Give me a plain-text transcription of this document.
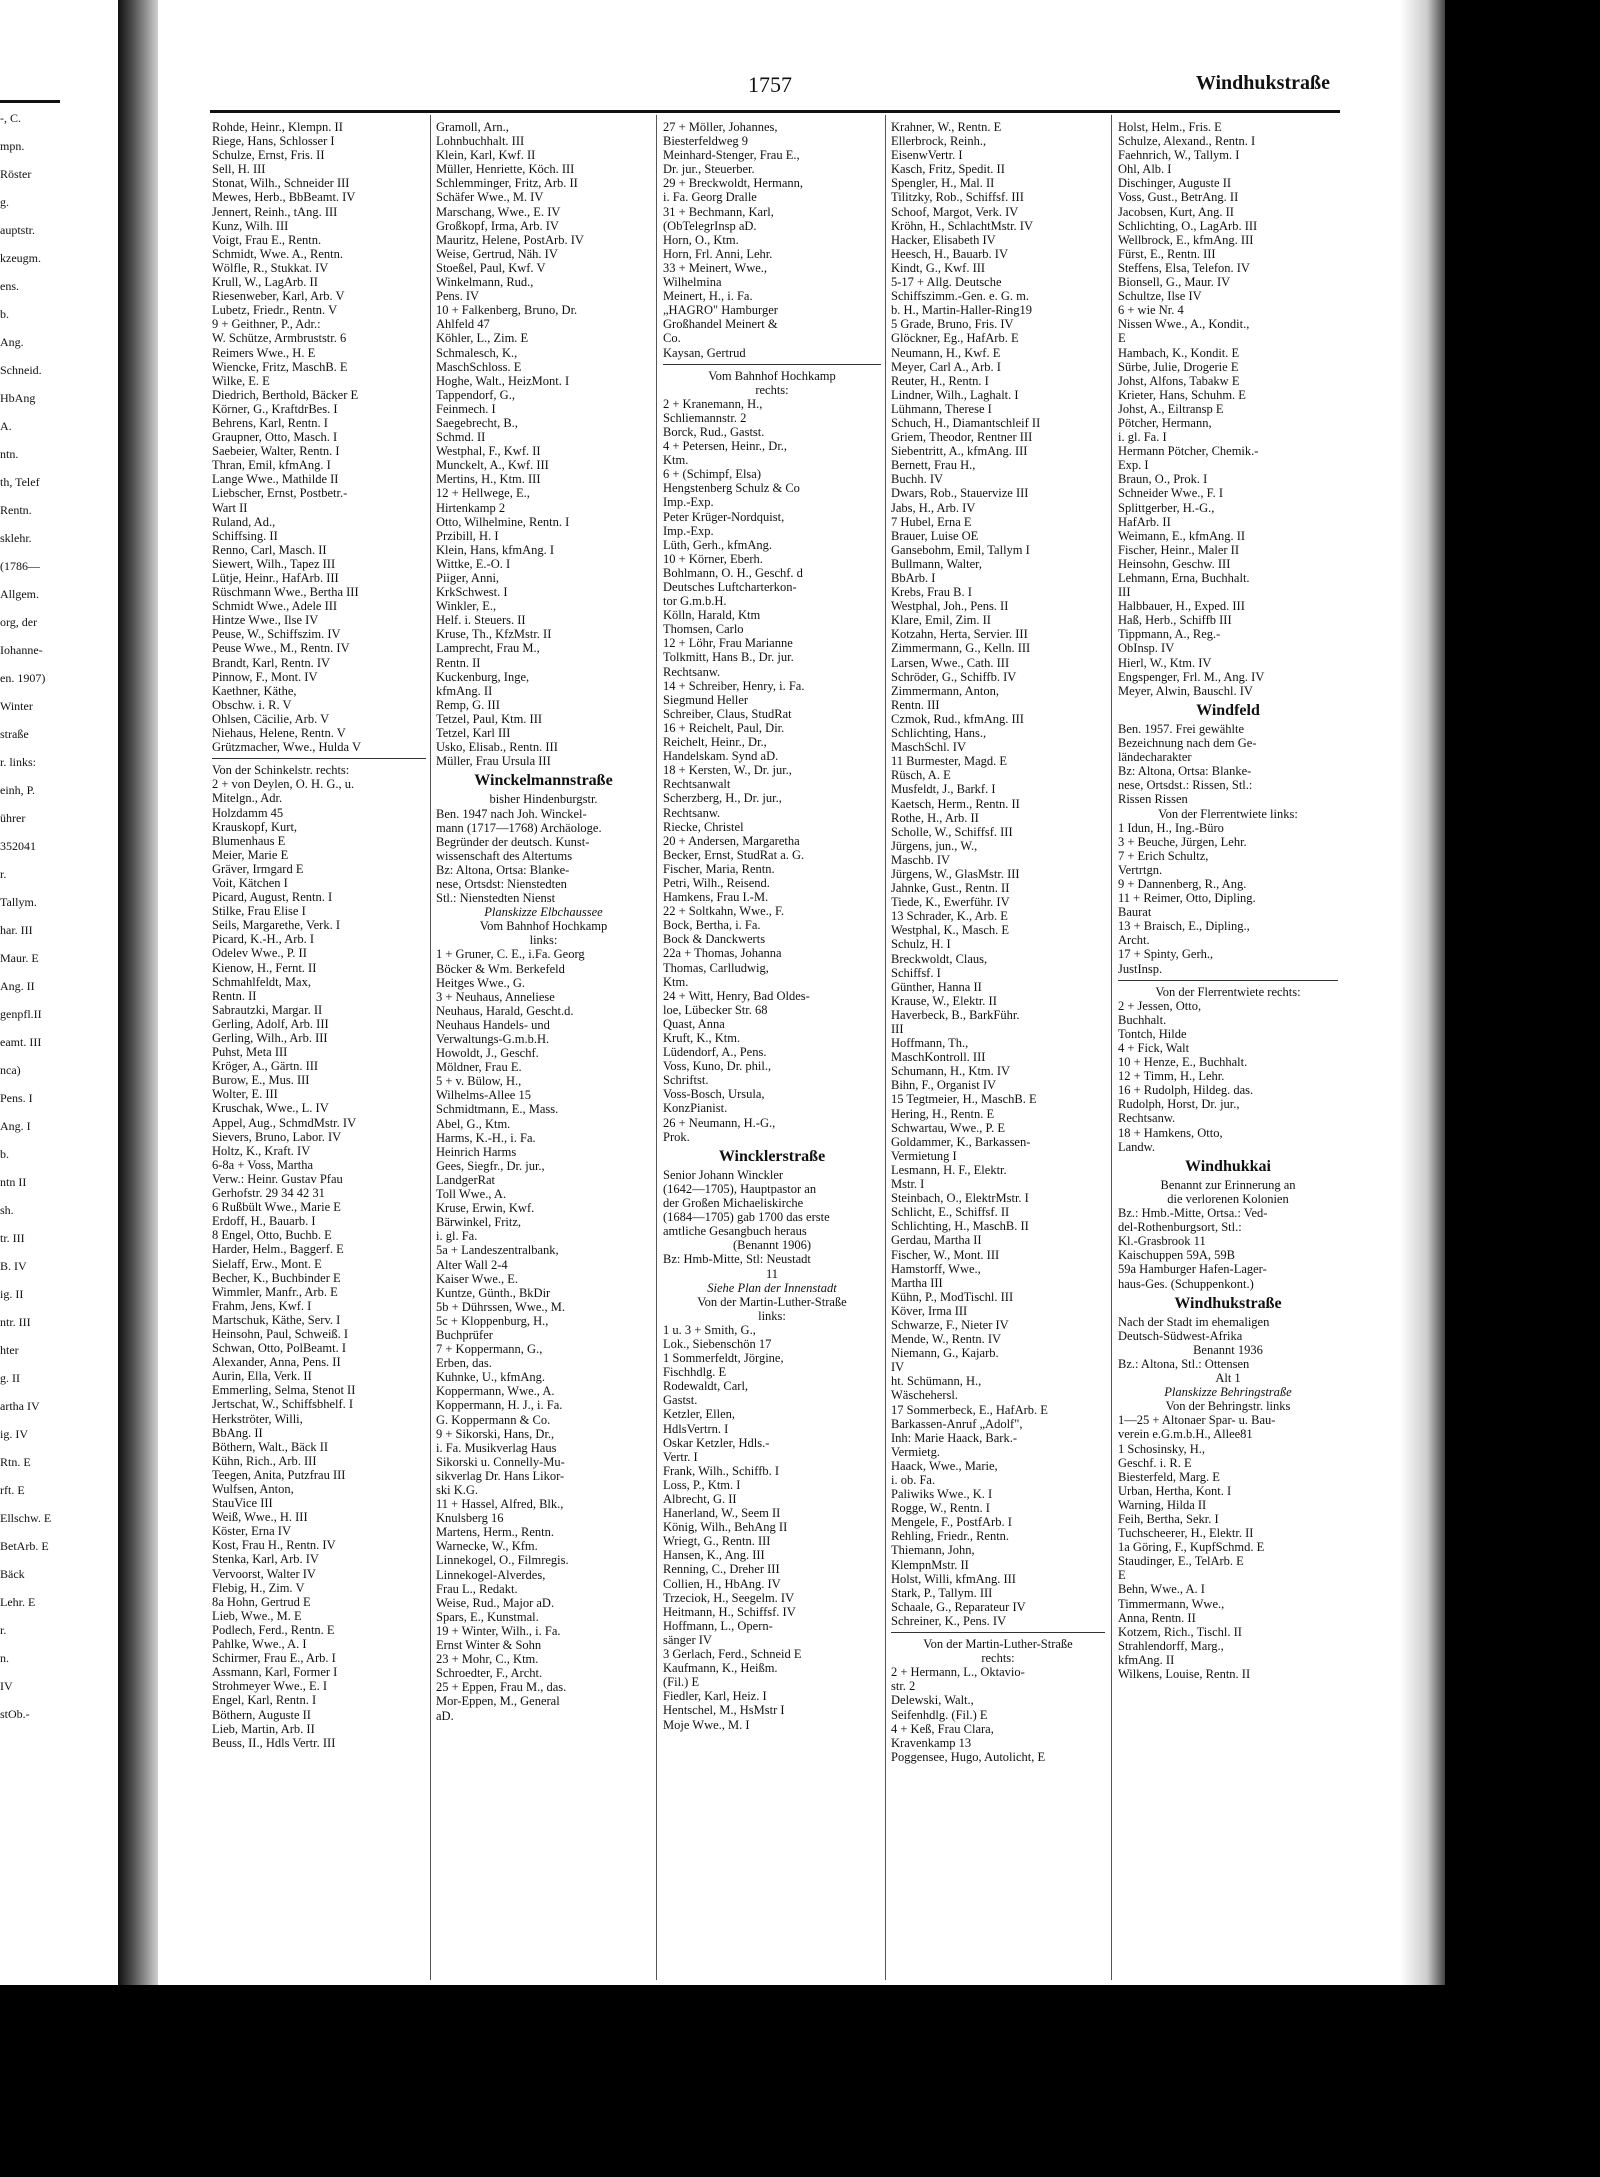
-, C.
mpn.
Röster
g.
auptstr.
kzeugm.
ens.
b.
Ang.
Schneid.
HbAng
A.
ntn.
th, Telef
Rentn.
sklehr.
(1786—
Allgem.
org, der
Iohanne-
en. 1907)
Winter
straße
r. links:
einh, P.
ührer
352041
r.
Tallym.
har. III
Maur. E
Ang. II
genpfl.II
eamt. III
nca)
Pens. I
Ang. I
b.
ntn II
sh.
tr. III
B. IV
ig. II
ntr. III
hter
g. II
artha IV
ig. IV
Rtn. E
rft. E
Ellschw. E
BetArb. E
Bäck
Lehr. E
r.
n.
IV
stOb.-
1757	Windhukstraße
Rohde, Heinr., Klempn. II
Riege, Hans, Schlosser I
Schulze, Ernst, Fris. II
Sell, H. III
Stonat, Wilh., Schneider III
Mewes, Herb., BbBeamt. IV
Jennert, Reinh., tAng. III
Kunz, Wilh. III
Voigt, Frau E., Rentn.
Schmidt, Wwe. A., Rentn.
Wölfle, R., Stukkat. IV
Krull, W., LagArb. II
Riesenweber, Karl, Arb. V
Lubetz, Friedr., Rentn. V
9 + Geithner, P., Adr.:
W. Schütze, Armbruststr. 6
Reimers Wwe., H. E
Wiencke, Fritz, MaschB. E
Wilke, E. E
Diedrich, Berthold, Bäcker E
Körner, G., KraftdrBes. I
Behrens, Karl, Rentn. I
Graupner, Otto, Masch. I
Saebeier, Walter, Rentn. I
Thran, Emil, kfmAng. I
Lange Wwe., Mathilde II
Liebscher, Ernst, Postbetr.-
Wart II
Ruland, Ad.,
Schiffsing. II
Renno, Carl, Masch. II
Siewert, Wilh., Tapez III
Lütje, Heinr., HafArb. III
Rüschmann Wwe., Bertha III
Schmidt Wwe., Adele III
Hintze Wwe., Ilse IV
Peuse, W., Schiffszim. IV
Peuse Wwe., M., Rentn. IV
Brandt, Karl, Rentn. IV
Pinnow, F., Mont. IV
Kaethner, Käthe,
Obschw. i. R. V
Ohlsen, Cäcilie, Arb. V
Niehaus, Helene, Rentn. V
Grützmacher, Wwe., Hulda V
Von der Schinkelstr. rechts:
2 + von Deylen, O. H. G., u.
Mitelgn., Adr.
Holzdamm 45
Krauskopf, Kurt,
Blumenhaus E
Meier, Marie E
Gräver, Irmgard E
Voit, Kätchen I
Picard, August, Rentn. I
Stilke, Frau Elise I
Seils, Margarethe, Verk. I
Picard, K.-H., Arb. I
Odelev Wwe., P. II
Kienow, H., Fernt. II
Schmahlfeldt, Max,
Rentn. II
Sabrautzki, Margar. II
Gerling, Adolf, Arb. III
Gerling, Wilh., Arb. III
Puhst, Meta III
Kröger, A., Gärtn. III
Burow, E., Mus. III
Wolter, E. III
Kruschak, Wwe., L. IV
Appel, Aug., SchmdMstr. IV
Sievers, Bruno, Labor. IV
Holtz, K., Kraft. IV
6-8a + Voss, Martha
Verw.: Heinr. Gustav Pfau
Gerhofstr. 29 34 42 31
6 Rußbült Wwe., Marie E
Erdoff, H., Bauarb. I
8 Engel, Otto, Buchb. E
Harder, Helm., Baggerf. E
Sielaff, Erw., Mont. E
Becher, K., Buchbinder E
Wimmler, Manfr., Arb. E
Frahm, Jens, Kwf. I
Martschuk, Käthe, Serv. I
Heinsohn, Paul, Schweiß. I
Schwan, Otto, PolBeamt. I
Alexander, Anna, Pens. II
Aurin, Ella, Verk. II
Emmerling, Selma, Stenot II
Jertschat, W., Schiffsbhelf. I
Herkströter, Willi,
BbAng. II
Böthern, Walt., Bäck II
Kühn, Rich., Arb. III
Teegen, Anita, Putzfrau III
Wulfsen, Anton,
StauVice III
Weiß, Wwe., H. III
Köster, Erna IV
Kost, Frau H., Rentn. IV
Stenka, Karl, Arb. IV
Vervoorst, Walter IV
Flebig, H., Zim. V
8a Hohn, Gertrud E
Lieb, Wwe., M. E
Podlech, Ferd., Rentn. E
Pahlke, Wwe., A. I
Schirmer, Frau E., Arb. I
Assmann, Karl, Former I
Strohmeyer Wwe., E. I
Engel, Karl, Rentn. I
Böthern, Auguste II
Lieb, Martin, Arb. II
Beuss, II., Hdls Vertr. III
Gramoll, Arn.,
Lohnbuchhalt. III
Klein, Karl, Kwf. II
Müller, Henriette, Köch. III
Schlemminger, Fritz, Arb. II
Schäfer Wwe., M. IV
Marschang, Wwe., E. IV
Großkopf, Irma, Arb. IV
Mauritz, Helene, PostArb. IV
Weise, Gertrud, Näh. IV
Stoeßel, Paul, Kwf. V
Winkelmann, Rud.,
Pens. IV
10 + Falkenberg, Bruno, Dr.
Ahlfeld 47
Köhler, L., Zim. E
Schmalesch, K.,
MaschSchloss. E
Hoghe, Walt., HeizMont. I
Tappendorf, G.,
Feinmech. I
Saegebrecht, B.,
Schmd. II
Westphal, F., Kwf. II
Munckelt, A., Kwf. III
Mertins, H., Ktm. III
12 + Hellwege, E.,
Hirtenkamp 2
Otto, Wilhelmine, Rentn. I
Przibill, H. I
Klein, Hans, kfmAng. I
Wittke, E.-O. I
Piiger, Anni,
KrkSchwest. I
Winkler, E.,
Helf. i. Steuers. II
Kruse, Th., KfzMstr. II
Lamprecht, Frau M.,
Rentn. II
Kuckenburg, Inge,
kfmAng. II
Remp, G. III
Tetzel, Paul, Ktm. III
Tetzel, Karl III
Usko, Elisab., Rentn. III
Müller, Frau Ursula III
Winckelmannstraße
bisher Hindenburgstr.
Ben. 1947 nach Joh. Winckel-
mann (1717—1768) Archäologe.
Begründer der deutsch. Kunst-
wissenschaft des Altertums
Bz: Altona, Ortsa: Blanke-
nese, Ortsdst: Nienstedten
Stl.: Nienstedten Nienst
Planskizze Elbchaussee
Vom Bahnhof Hochkamp
links:
1 + Gruner, C. E., i.Fa. Georg
Böcker & Wm. Berkefeld
Heitges Wwe., G.
3 + Neuhaus, Anneliese
Neuhaus, Harald, Gescht.d.
Neuhaus Handels- und
Verwaltungs-G.m.b.H.
Howoldt, J., Geschf.
Möldner, Frau E.
5 + v. Bülow, H.,
Wilhelms-Allee 15
Schmidtmann, E., Mass.
Abel, G., Ktm.
Harms, K.-H., i. Fa.
Heinrich Harms
Gees, Siegfr., Dr. jur.,
LandgerRat
Toll Wwe., A.
Kruse, Erwin, Kwf.
Bärwinkel, Fritz,
i. gl. Fa.
5a + Landeszentralbank,
Alter Wall 2-4
Kaiser Wwe., E.
Kuntze, Günth., BkDir
5b + Dührssen, Wwe., M.
5c + Kloppenburg, H.,
Buchprüfer
7 + Koppermann, G.,
Erben, das.
Kuhnke, U., kfmAng.
Koppermann, Wwe., A.
Koppermann, H. J., i. Fa.
G. Koppermann & Co.
9 + Sikorski, Hans, Dr.,
i. Fa. Musikverlag Haus
Sikorski u. Connelly-Mu-
sikverlag Dr. Hans Likor-
ski K.G.
11 + Hassel, Alfred, Blk.,
Knulsberg 16
Martens, Herm., Rentn.
Warnecke, W., Kfm.
Linnekogel, O., Filmregis.
Linnekogel-Alverdes,
Frau L., Redakt.
Weise, Rud., Major aD.
Spars, E., Kunstmal.
19 + Winter, Wilh., i. Fa.
Ernst Winter & Sohn
23 + Mohr, C., Ktm.
Schroedter, F., Archt.
25 + Eppen, Frau M., das.
Mor-Eppen, M., General
aD.
27 + Möller, Johannes,
Biesterfeldweg 9
Meinhard-Stenger, Frau E.,
Dr. jur., Steuerber.
29 + Breckwoldt, Hermann,
i. Fa. Georg Dralle
31 + Bechmann, Karl,
(ObTelegrInsp aD.
Horn, O., Ktm.
Horn, Frl. Anni, Lehr.
33 + Meinert, Wwe.,
Wilhelmina
Meinert, H., i. Fa.
„HAGRO" Hamburger
Großhandel Meinert &
Co.
Kaysan, Gertrud
Vom Bahnhof Hochkamp
rechts:
2 + Kranemann, H.,
Schliemannstr. 2
Borck, Rud., Gastst.
4 + Petersen, Heinr., Dr.,
Ktm.
6 + (Schimpf, Elsa)
Hengstenberg Schulz & Co
Imp.-Exp.
Peter Krüger-Nordquist,
Imp.-Exp.
Lüth, Gerh., kfmAng.
10 + Körner, Eberh.
Bohlmann, O. H., Geschf. d
Deutsches Luftcharterkon-
tor G.m.b.H.
Kölln, Harald, Ktm
Thomsen, Carlo
12 + Löhr, Frau Marianne
Tolkmitt, Hans B., Dr. jur.
Rechtsanw.
14 + Schreiber, Henry, i. Fa.
Siegmund Heller
Schreiber, Claus, StudRat
16 + Reichelt, Paul, Dir.
Reichelt, Heinr., Dr.,
Handelskam. Synd aD.
18 + Kersten, W., Dr. jur.,
Rechtsanwalt
Scherzberg, H., Dr. jur.,
Rechtsanw.
Riecke, Christel
20 + Andersen, Margaretha
Becker, Ernst, StudRat a. G.
Fischer, Maria, Rentn.
Petri, Wilh., Reisend.
Hamkens, Frau I.-M.
22 + Soltkahn, Wwe., F.
Bock, Bertha, i. Fa.
Bock & Danckwerts
22a + Thomas, Johanna
Thomas, Carlludwig,
Ktm.
24 + Witt, Henry, Bad Oldes-
loe, Lübecker Str. 68
Quast, Anna
Kruft, K., Ktm.
Lüdendorf, A., Pens.
Voss, Kuno, Dr. phil.,
Schriftst.
Voss-Bosch, Ursula,
KonzPianist.
26 + Neumann, H.-G.,
Prok.
Wincklerstraße
Senior Johann Winckler
(1642—1705), Hauptpastor an
der Großen Michaeliskirche
(1684—1705) gab 1700 das erste
amtliche Gesangbuch heraus
(Benannt 1906)
Bz: Hmb-Mitte, Stl: Neustadt
11
Siehe Plan der Innenstadt
Von der Martin-Luther-Straße
links:
1 u. 3 + Smith, G.,
Lok., Siebenschön 17
1 Sommerfeldt, Jörgine,
Fischhdlg. E
Rodewaldt, Carl,
Gastst.
Ketzler, Ellen,
HdlsVertrn. I
Oskar Ketzler, Hdls.-
Vertr. I
Frank, Wilh., Schiffb. I
Loss, P., Ktm. I
Albrecht, G. II
Hanerland, W., Seem II
König, Wilh., BehAng II
Wriegt, G., Rentn. III
Hansen, K., Ang. III
Renning, C., Dreher III
Collien, H., HbAng. IV
Trzeciok, H., Seegelm. IV
Heitmann, H., Schiffsf. IV
Hoffmann, L., Opern-
sänger IV
3 Gerlach, Ferd., Schneid E
Kaufmann, K., Heißm.
(Fil.) E
Fiedler, Karl, Heiz. I
Hentschel, M., HsMstr I
Moje Wwe., M. I
Krahner, W., Rentn. E
Ellerbrock, Reinh.,
EisenwVertr. I
Kasch, Fritz, Spedit. II
Spengler, H., Mal. II
Tilitzky, Rob., Schiffsf. III
Schoof, Margot, Verk. IV
Kröhn, H., SchlachtMstr. IV
Hacker, Elisabeth IV
Heesch, H., Bauarb. IV
Kindt, G., Kwf. III
5-17 + Allg. Deutsche
Schiffszimm.-Gen. e. G. m.
b. H., Martin-Haller-Ring19
5 Grade, Bruno, Fris. IV
Glöckner, Eg., HafArb. E
Neumann, H., Kwf. E
Meyer, Carl A., Arb. I
Reuter, H., Rentn. I
Lindner, Wilh., Laghalt. I
Lühmann, Therese I
Schuch, H., Diamantschleif II
Griem, Theodor, Rentner III
Siebentritt, A., kfmAng. III
Bernett, Frau H.,
Buchh. IV
Dwars, Rob., Stauervize III
Jabs, H., Arb. IV
7 Hubel, Erna E
Brauer, Luise OE
Gansebohm, Emil, Tallym I
Bullmann, Walter,
BbArb. I
Krebs, Frau B. I
Westphal, Joh., Pens. II
Klare, Emil, Zim. II
Kotzahn, Herta, Servier. III
Zimmermann, G., Kelln. III
Larsen, Wwe., Cath. III
Schröder, G., Schiffb. IV
Zimmermann, Anton,
Rentn. III
Czmok, Rud., kfmAng. III
Schlichting, Hans.,
MaschSchl. IV
11 Burmester, Magd. E
Rüsch, A. E
Musfeldt, J., Barkf. I
Kaetsch, Herm., Rentn. II
Rothe, H., Arb. II
Scholle, W., Schiffsf. III
Jürgens, jun., W.,
Maschb. IV
Jürgens, W., GlasMstr. III
Jahnke, Gust., Rentn. II
Tiede, K., Ewerführ. IV
13 Schrader, K., Arb. E
Westphal, K., Masch. E
Schulz, H. I
Breckwoldt, Claus,
Schiffsf. I
Günther, Hanna II
Krause, W., Elektr. II
Haverbeck, B., BarkFühr.
III
Hoffmann, Th.,
MaschKontroll. III
Schumann, H., Ktm. IV
Bihn, F., Organist IV
15 Tegtmeier, H., MaschB. E
Hering, H., Rentn. E
Schwartau, Wwe., P. E
Goldammer, K., Barkassen-
Vermietung I
Lesmann, H. F., Elektr.
Mstr. I
Steinbach, O., ElektrMstr. I
Schlicht, E., Schiffsf. II
Schlichting, H., MaschB. II
Gerdau, Martha II
Fischer, W., Mont. III
Hamstorff, Wwe.,
Martha III
Kühn, P., ModTischl. III
Köver, Irma III
Schwarze, F., Nieter IV
Mende, W., Rentn. IV
Niemann, G., Kajarb.
IV
ht. Schümann, H.,
Wäschehersl.
17 Sommerbeck, E., HafArb. E
Barkassen-Anruf „Adolf",
Inh: Marie Haack, Bark.-
Vermietg.
Haack, Wwe., Marie,
i. ob. Fa.
Paliwiks Wwe., K. I
Rogge, W., Rentn. I
Mengele, F., PostfArb. I
Rehling, Friedr., Rentn.
Thiemann, John,
KlempnMstr. II
Holst, Willi, kfmAng. III
Stark, P., Tallym. III
Schaale, G., Reparateur IV
Schreiner, K., Pens. IV
Von der Martin-Luther-Straße
rechts:
2 + Hermann, L., Oktavio-
str. 2
Delewski, Walt.,
Seifenhdlg. (Fil.) E
4 + Keß, Frau Clara,
Kravenkamp 13
Poggensee, Hugo, Autolicht, E
Holst, Helm., Fris. E
Schulze, Alexand., Rentn. I
Faehnrich, W., Tallym. I
Ohl, Alb. I
Dischinger, Auguste II
Voss, Gust., BetrAng. II
Jacobsen, Kurt, Ang. II
Schlichting, O., LagArb. III
Wellbrock, E., kfmAng. III
Fürst, E., Rentn. III
Steffens, Elsa, Telefon. IV
Bionsell, G., Maur. IV
Schultze, Ilse IV
6 + wie Nr. 4
Nissen Wwe., A., Kondit.,
E
Hambach, K., Kondit. E
Sürbe, Julie, Drogerie E
Johst, Alfons, Tabakw E
Krieter, Hans, Schuhm. E
Johst, A., Eiltransp E
Pötcher, Hermann,
i. gl. Fa. I
Hermann Pötcher, Chemik.-
Exp. I
Braun, O., Prok. I
Schneider Wwe., F. I
Splittgerber, H.-G.,
HafArb. II
Weimann, E., kfmAng. II
Fischer, Heinr., Maler II
Heinsohn, Geschw. III
Lehmann, Erna, Buchhalt.
III
Halbbauer, H., Exped. III
Haß, Herb., Schiffb III
Tippmann, A., Reg.-
ObInsp. IV
Hierl, W., Ktm. IV
Engspenger, Frl. M., Ang. IV
Meyer, Alwin, Bauschl. IV
Windfeld
Ben. 1957. Frei gewählte
Bezeichnung nach dem Ge-
ländecharakter
Bz: Altona, Ortsa: Blanke-
nese, Ortsdst.: Rissen, Stl.:
Rissen Rissen
Von der Flerrentwiete links:
1 Idun, H., Ing.-Büro
3 + Beuche, Jürgen, Lehr.
7 + Erich Schultz,
Vertrtgn.
9 + Dannenberg, R., Ang.
11 + Reimer, Otto, Dipling.
Baurat
13 + Braisch, E., Dipling.,
Archt.
17 + Spinty, Gerh.,
JustInsp.
Von der Flerrentwiete rechts:
2 + Jessen, Otto,
Buchhalt.
Tontch, Hilde
4 + Fick, Walt
10 + Henze, E., Buchhalt.
12 + Timm, H., Lehr.
16 + Rudolph, Hildeg. das.
Rudolph, Horst, Dr. jur.,
Rechtsanw.
18 + Hamkens, Otto,
Landw.
Windhukkai
Benannt zur Erinnerung an
die verlorenen Kolonien
Bz.: Hmb.-Mitte, Ortsa.: Ved-
del-Rothenburgsort, Stl.:
Kl.-Grasbrook 11
Kaischuppen 59A, 59B
59a Hamburger Hafen-Lager-
haus-Ges. (Schuppenkont.)
Windhukstraße
Nach der Stadt im ehemaligen
Deutsch-Südwest-Afrika
Benannt 1936
Bz.: Altona, Stl.: Ottensen
Alt 1
Planskizze Behringstraße
Von der Behringstr. links
1—25 + Altonaer Spar- u. Bau-
verein e.G.m.b.H., Allee81
1 Schosinsky, H.,
Geschf. i. R. E
Biesterfeld, Marg. E
Urban, Hertha, Kont. I
Warning, Hilda II
Feih, Bertha, Sekr. I
Tuchscheerer, H., Elektr. II
1a Göring, F., KupfSchmd. E
Staudinger, E., TelArb. E
E
Behn, Wwe., A. I
Timmermann, Wwe.,
Anna, Rentn. II
Kotzem, Rich., Tischl. II
Strahlendorff, Marg.,
kfmAng. II
Wilkens, Louise, Rentn. II
